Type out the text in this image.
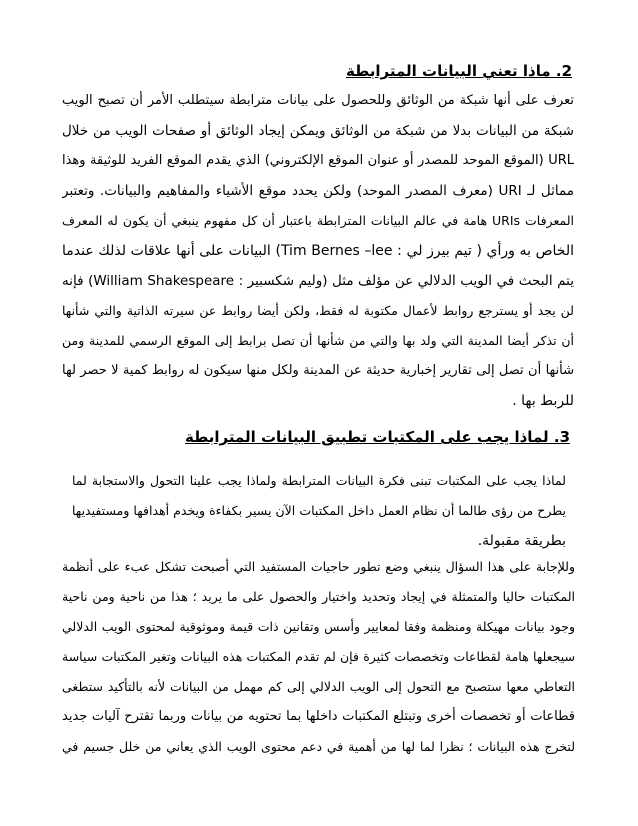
2. ماذا تعني البيانات المترابطة
تعرف على أنها شبكة من الوثائق وللحصول على بيانات مترابطة سيتطلب الأمر أن تصبح الويب
شبكة من البيانات بدلا من شبكة من الوثائق ويمكن إيجاد الوثائق أو صفحات الويب من خلال
URL (الموقع الموحد للمصدر أو عنوان الموقع الإلكتروني) الذي يقدم الموقع الفريد للوثيقة وهذا
مماثل لـ URI (معرف المصدر الموحد) ولكن يحدد موقع الأشياء والمفاهيم والبيانات. وتعتبر
المعرفات URIs هامة في عالم البيانات المترابطة باعتبار أن كل مفهوم ينبغي أن يكون له المعرف
الخاص به ورأي ( تيم بيرز لي : Tim Bernes –lee) البيانات على أنها علاقات لذلك عندما
يتم البحث في الويب الدلالي عن مؤلف مثل (وليم شكسبير : William Shakespeare) فإنه
لن يجد أو يسترجع روابط لأعمال مكتوبة له فقط، ولكن أيضا روابط عن سيرته الذاتية والتي شأنها
أن تذكر أيضا المدينة التي ولد بها والتي من شأنها أن تصل برابط إلى الموقع الرسمي للمدينة ومن
شأنها أن تصل إلى تقارير إخبارية حديثة عن المدينة ولكل منها سيكون له روابط كمية لا حصر لها
للربط بها .
3. لماذا يجب على المكتبات تطبيق البيانات المترابطة
لماذا يجب على المكتبات تبنى فكرة البيانات المترابطة ولماذا يجب علينا التحول والاستجابة لما
يطرح من رؤى طالما أن نظام العمل داخل المكتبات الآن يسير بكفاءة ويخدم أهدافها ومستفيديها
بطريقة مقبولة.
وللإجابة على هذا السؤال ينبغي وضع تطور حاجيات المستفيد التي أصبحت تشكل عبء على أنظمة
المكتبات حاليا والمتمثلة في إيجاد وتحديد واختيار والحصول على ما يريد ؛ هذا من ناحية ومن ناحية
وجود بيانات مهيكلة ومنظمة وفقا لمعايير وأسس وتقانين ذات قيمة وموثوقية لمحتوى الويب الدلالي
سيجعلها هامة لقطاعات وتخصصات كثيرة فإن لم تقدم المكتبات هذه البيانات وتغير المكتبات سياسة
التعاطي معها ستصبح مع التحول إلى الويب الدلالي إلى كم مهمل من البيانات لأنه بالتأكيد ستطغى
قطاعات أو تخصصات أخرى وتبتلع المكتبات داخلها بما تحتويه من بيانات وربما تقترح آليات جديد
لتخرج هذه البيانات ؛ نظرا لما لها من أهمية في دعم محتوى الويب الذي يعاني من خلل جسيم في
